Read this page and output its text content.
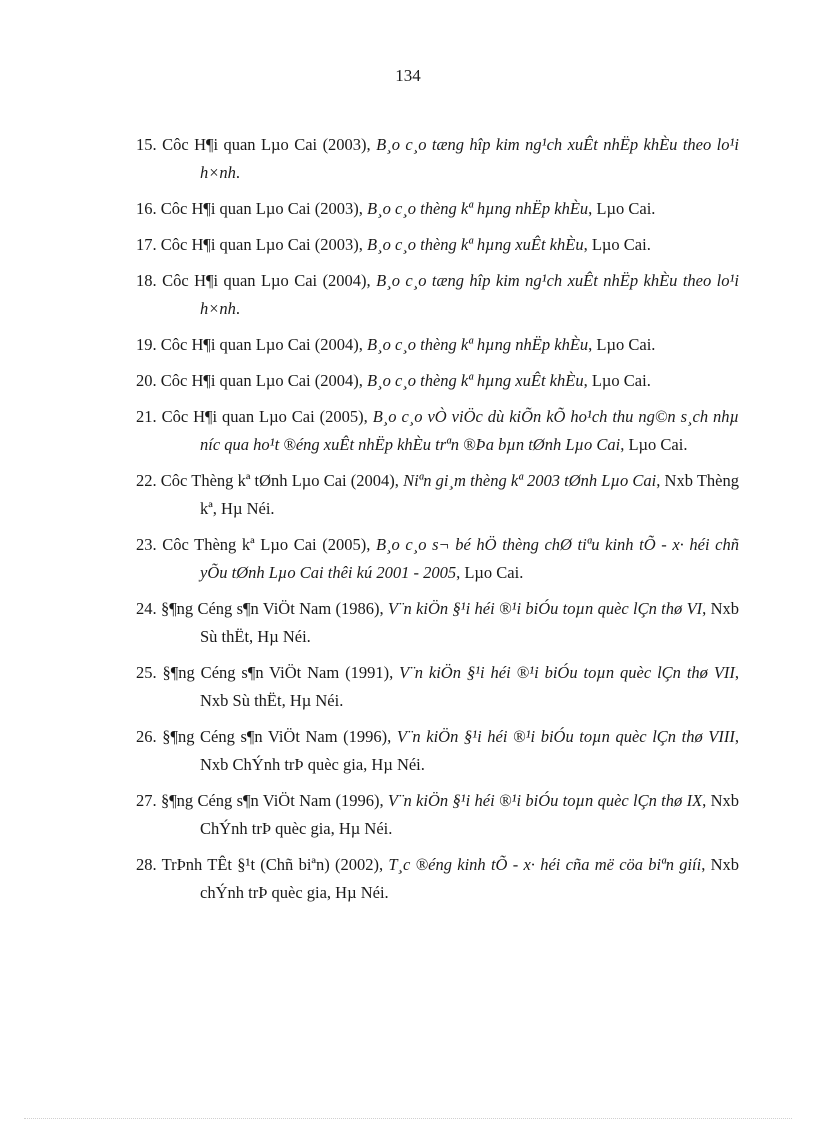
134
15. Côc H¶i quan Lµo Cai (2003), B¸o c¸o tæng hîp kim ng¹ch xuÊt nhËp khÈu theo lo¹i h×nh.
16. Côc H¶i quan Lµo Cai (2003), B¸o c¸o thèng kª hµng nhËp khÈu, Lµo Cai.
17. Côc H¶i quan Lµo Cai (2003), B¸o c¸o thèng kª hµng xuÊt khÈu, Lµo Cai.
18. Côc H¶i quan Lµo Cai (2004), B¸o c¸o tæng hîp kim ng¹ch xuÊt nhËp khÈu theo lo¹i h×nh.
19. Côc H¶i quan Lµo Cai (2004), B¸o c¸o thèng kª hµng nhËp khÈu, Lµo Cai.
20. Côc H¶i quan Lµo Cai (2004), B¸o c¸o thèng kª hµng xuÊt khÈu, Lµo Cai.
21. Côc H¶i quan Lµo Cai (2005), B¸o c¸o vÒ viÖc dù kiÕn kÕ ho¹ch thu ng©n s¸ch nhµ níc qua ho¹t ®éng xuÊt nhËp khÈu trªn ®Þa bµn tØnh Lµo Cai, Lµo Cai.
22. Côc Thèng kª tØnh Lµo Cai (2004), Niªn gi¸m thèng kª 2003 tØnh Lµo Cai, Nxb Thèng kª, Hµ Néi.
23. Côc Thèng kª Lµo Cai (2005), B¸o c¸o s¬ bé hÖ thèng chØ tiªu kinh tÕ - x· héi chñ yÕu tØnh Lµo Cai thêi kú 2001 - 2005, Lµo Cai.
24. §¶ng Céng s¶n ViÖt Nam (1986), V¨n kiÖn §¹i héi ®¹i biÓu toµn quèc lÇn thø VI, Nxb Sù thËt, Hµ Néi.
25. §¶ng Céng s¶n ViÖt Nam (1991), V¨n kiÖn §¹i héi ®¹i biÓu toµn quèc lÇn thø VII, Nxb Sù thËt, Hµ Néi.
26. §¶ng Céng s¶n ViÖt Nam (1996), V¨n kiÖn §¹i héi ®¹i biÓu toµn quèc lÇn thø VIII, Nxb ChÝnh trÞ quèc gia, Hµ Néi.
27. §¶ng Céng s¶n ViÖt Nam (1996), V¨n kiÖn §¹i héi ®¹i biÓu toµn quèc lÇn thø IX, Nxb ChÝnh trÞ quèc gia, Hµ Néi.
28. TrÞnh TÊt §¹t (Chñ biªn) (2002), T¸c ®éng kinh tÕ - x· héi cña më cöa biªn giíi, Nxb chÝnh trÞ quèc gia, Hµ Néi.
